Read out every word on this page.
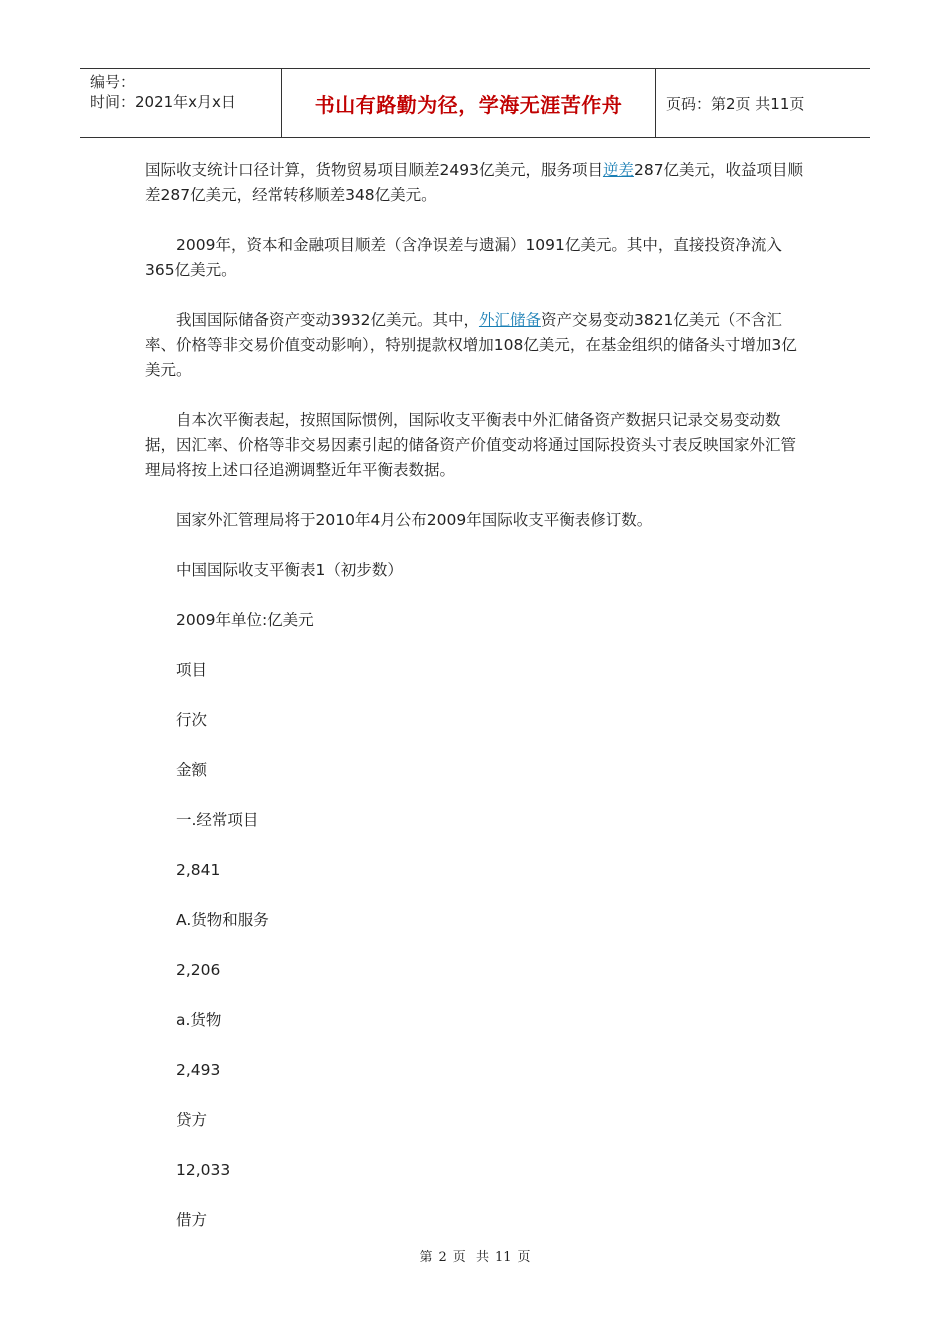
编号：
时间：2021年x月x日	书山有路勤为径，学海无涯苦作舟	页码：第2页 共11页

国际收支统计口径计算，货物贸易项目顺差2493亿美元，服务项目逆差287亿美元，收益项目顺差287亿美元，经常转移顺差348亿美元。

2009年，资本和金融项目顺差（含净误差与遗漏）1091亿美元。其中，直接投资净流入365亿美元。

我国国际储备资产变动3932亿美元。其中，外汇储备资产交易变动3821亿美元（不含汇率、价格等非交易价值变动影响），特别提款权增加108亿美元，在基金组织的储备头寸增加3亿美元。

自本次平衡表起，按照国际惯例，国际收支平衡表中外汇储备资产数据只记录交易变动数据，因汇率、价格等非交易因素引起的储备资产价值变动将通过国际投资头寸表反映国家外汇管理局将按上述口径追溯调整近年平衡表数据。

国家外汇管理局将于2010年4月公布2009年国际收支平衡表修订数。

中国国际收支平衡表1（初步数）
2009年单位:亿美元
项目
行次
金额
一.经常项目
2,841
A.货物和服务
2,206
a.货物
2,493
贷方
12,033
借方
第 2 页 共 11 页
